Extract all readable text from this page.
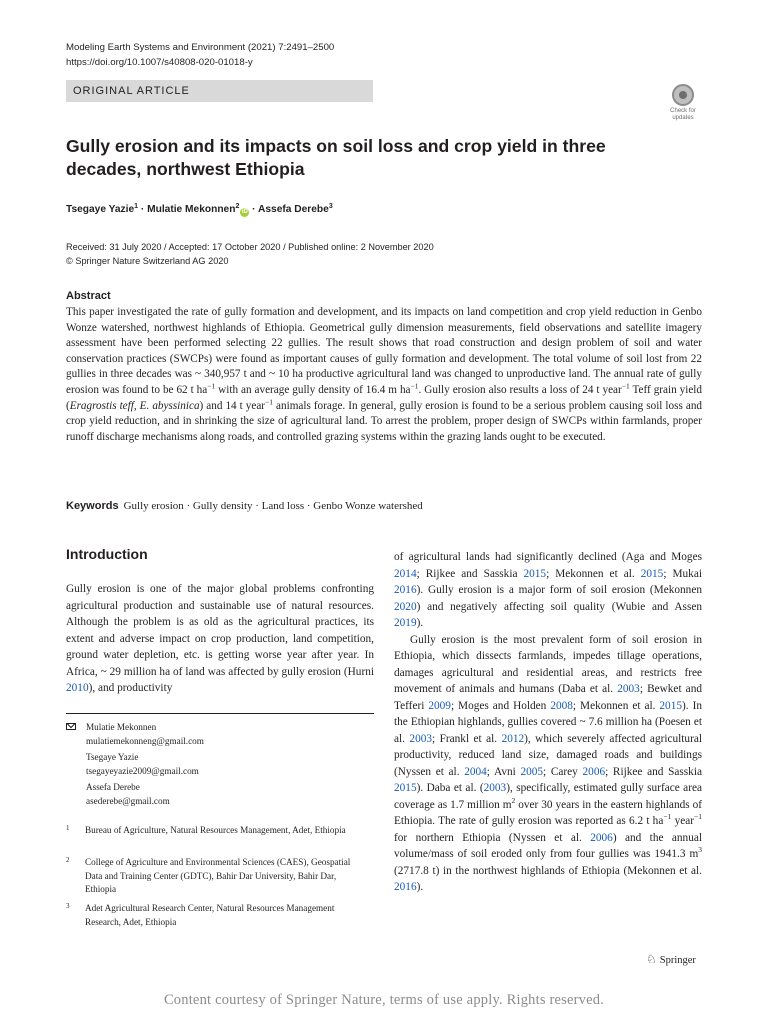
Modeling Earth Systems and Environment (2021) 7:2491–2500
https://doi.org/10.1007/s40808-020-01018-y
ORIGINAL ARTICLE
Check for
updates
Gully erosion and its impacts on soil loss and crop yield in three decades, northwest Ethiopia
Tsegaye Yazie$^1$ · Mulatie Mekonnen$^2$iD · Assefa Derebe$^3$
Received: 31 July 2020 / Accepted: 17 October 2020 / Published online: 2 November 2020
© Springer Nature Switzerland AG 2020
Abstract
This paper investigated the rate of gully formation and development, and its impacts on land competition and crop yield reduction in Genbo Wonze watershed, northwest highlands of Ethiopia. Geometrical gully dimension measurements, field observations and satellite imagery assessment have been performed selecting 22 gullies. The result shows that road construction and design problem of soil and water conservation practices (SWCPs) were found as important causes of gully formation and development. The total volume of soil lost from 22 gullies in three decades was ~ 340,957 t and ~ 10 ha productive agricultural land was changed to unproductive land. The annual rate of gully erosion was found to be 62 t $ha^{-1}$ with an average gully density of 16.4 m $ha^{-1}$. Gully erosion also results a loss of 24 t year$^{-1}$ Teff grain yield (Eragrostis teff, E. abyssinica) and 14 t year$^{-1}$ animals forage. In general, gully erosion is found to be a serious problem causing soil loss and crop yield reduction, and in shrinking the size of agricultural land. To arrest the problem, proper design of SWCPs within farmlands, proper runoff discharge mechanisms along roads, and controlled grazing systems within the grazing lands ought to be executed.
Keywords Gully erosion · Gully density · Land loss · Genbo Wonze watershed
Introduction

Gully erosion is one of the major global problems confronting agricultural production and sustainable use of natural resources. Although the problem is as old as the agricultural practices, its extent and adverse impact on crop production, land competition, ground water depletion, etc. is getting worse year after year. In Africa, ~ 29 million ha of land was affected by gully erosion (Hurni 2010), and productivity

of agricultural lands had significantly declined (Aga and Moges 2014; Rijkee and Sasskia 2015; Mekonnen et al. 2015; Mukai 2016). Gully erosion is a major form of soil erosion (Mekonnen 2020) and negatively affecting soil quality (Wubie and Assen 2019).

Gully erosion is the most prevalent form of soil erosion in Ethiopia, which dissects farmlands, impedes tillage operations, damages agricultural and residential areas, and restricts free movement of animals and humans (Daba et al. 2003; Bewket and Tefferi 2009; Moges and Holden 2008; Mekonnen et al. 2015). In the Ethiopian highlands, gullies covered ~ 7.6 million ha (Poesen et al. 2003; Frankl et al. 2012), which severely affected agricultural productivity, reduced land size, damaged roads and buildings (Nyssen et al. 2004; Avni 2005; Carey 2006; Rijkee and Sasskia 2015). Daba et al. (2003), specifically, estimated gully surface area coverage as 1.7 million $m^2$ over 30 years in the eastern highlands of Ethiopia. The rate of gully erosion was reported as 6.2 t $ha^{-1}$ year$^{-1}$ for northern Ethiopia (Nyssen et al. 2006) and the annual volume/mass of soil eroded only from four gullies was 1941.3 $m^3$ (2717.8 t) in the northwest highlands of Ethiopia (Mekonnen et al. 2016).

Mulatie Mekonnen
mulatiemekonneng@gmail.com
Tsegaye Yazie
tsegayeyazie2009@gmail.com
Assefa Derebe
asederebe@gmail.com
1	Bureau of Agriculture, Natural Resources Management, Adet, Ethiopia
2	College of Agriculture and Environmental Sciences (CAES), Geospatial Data and Training Center (GDTC), Bahir Dar University, Bahir Dar, Ethiopia
3	Adet Agricultural Research Center, Natural Resources Management Research, Adet, Ethiopia
♘ Springer
Content courtesy of Springer Nature, terms of use apply. Rights reserved.
